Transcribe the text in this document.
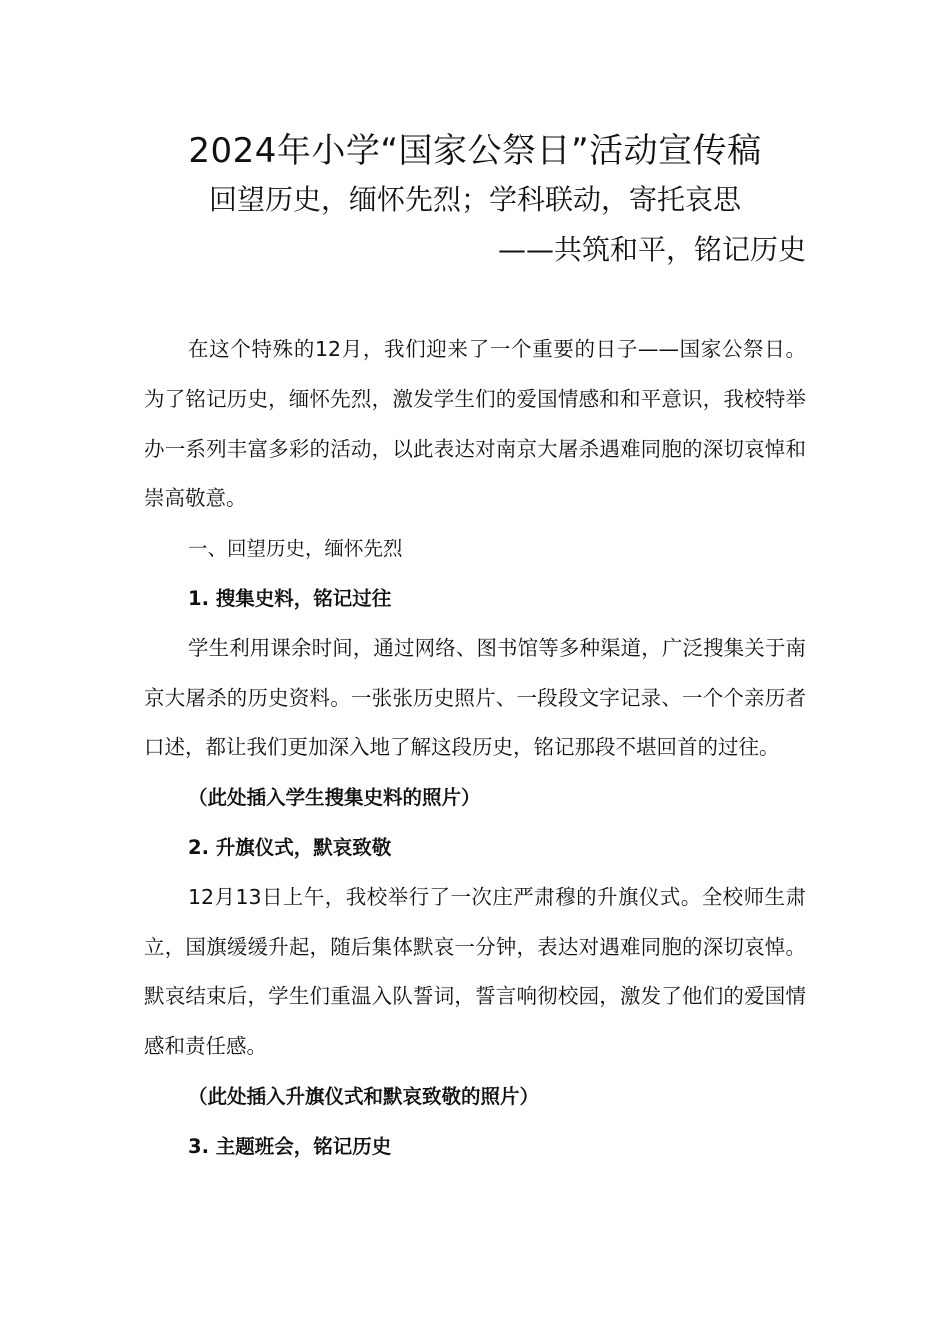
2024年小学“国家公祭日”活动宣传稿
回望历史，缅怀先烈；学科联动，寄托哀思
——共筑和平，铭记历史

在这个特殊的12月，我们迎来了一个重要的日子——国家公祭日。为了铭记历史，缅怀先烈，激发学生们的爱国情感和和平意识，我校特举办一系列丰富多彩的活动，以此表达对南京大屠杀遇难同胞的深切哀悼和崇高敬意。

一、回望历史，缅怀先烈

1. 搜集史料，铭记过往

学生利用课余时间，通过网络、图书馆等多种渠道，广泛搜集关于南京大屠杀的历史资料。一张张历史照片、一段段文字记录、一个个亲历者口述，都让我们更加深入地了解这段历史，铭记那段不堪回首的过往。

（此处插入学生搜集史料的照片）

2. 升旗仪式，默哀致敬

12月13日上午，我校举行了一次庄严肃穆的升旗仪式。全校师生肃立，国旗缓缓升起，随后集体默哀一分钟，表达对遇难同胞的深切哀悼。默哀结束后，学生们重温入队誓词，誓言响彻校园，激发了他们的爱国情感和责任感。

（此处插入升旗仪式和默哀致敬的照片）

3. 主题班会，铭记历史
